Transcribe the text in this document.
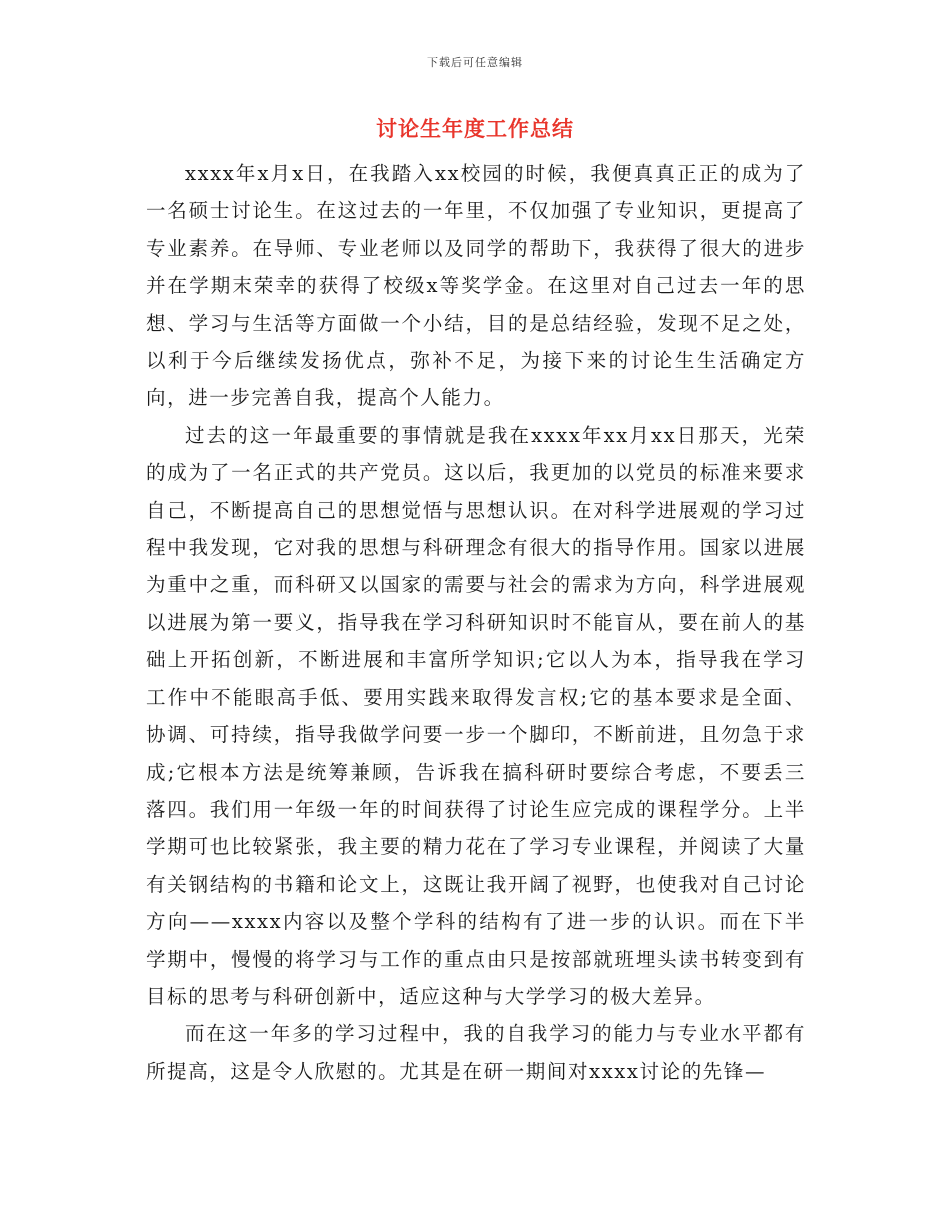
下载后可任意编辑
讨论生年度工作总结

xxxx年x月x日，在我踏入xx校园的时候，我便真真正正的成为了一名硕士讨论生。在这过去的一年里，不仅加强了专业知识，更提高了专业素养。在导师、专业老师以及同学的帮助下，我获得了很大的进步并在学期末荣幸的获得了校级x等奖学金。在这里对自己过去一年的思想、学习与生活等方面做一个小结，目的是总结经验，发现不足之处，以利于今后继续发扬优点，弥补不足，为接下来的讨论生生活确定方向，进一步完善自我，提高个人能力。

过去的这一年最重要的事情就是我在xxxx年xx月xx日那天，光荣的成为了一名正式的共产党员。这以后，我更加的以党员的标准来要求自己，不断提高自己的思想觉悟与思想认识。在对科学进展观的学习过程中我发现，它对我的思想与科研理念有很大的指导作用。国家以进展为重中之重，而科研又以国家的需要与社会的需求为方向，科学进展观以进展为第一要义，指导我在学习科研知识时不能盲从，要在前人的基础上开拓创新，不断进展和丰富所学知识;它以人为本，指导我在学习工作中不能眼高手低、要用实践来取得发言权;它的基本要求是全面、协调、可持续，指导我做学问要一步一个脚印，不断前进，且勿急于求成;它根本方法是统筹兼顾，告诉我在搞科研时要综合考虑，不要丢三落四。我们用一年级一年的时间获得了讨论生应完成的课程学分。上半学期可也比较紧张，我主要的精力花在了学习专业课程，并阅读了大量有关钢结构的书籍和论文上，这既让我开阔了视野，也使我对自己讨论方向——xxxx内容以及整个学科的结构有了进一步的认识。而在下半学期中，慢慢的将学习与工作的重点由只是按部就班埋头读书转变到有目标的思考与科研创新中，适应这种与大学学习的极大差异。

而在这一年多的学习过程中，我的自我学习的能力与专业水平都有所提高，这是令人欣慰的。尤其是在研一期间对xxxx讨论的先锋—
